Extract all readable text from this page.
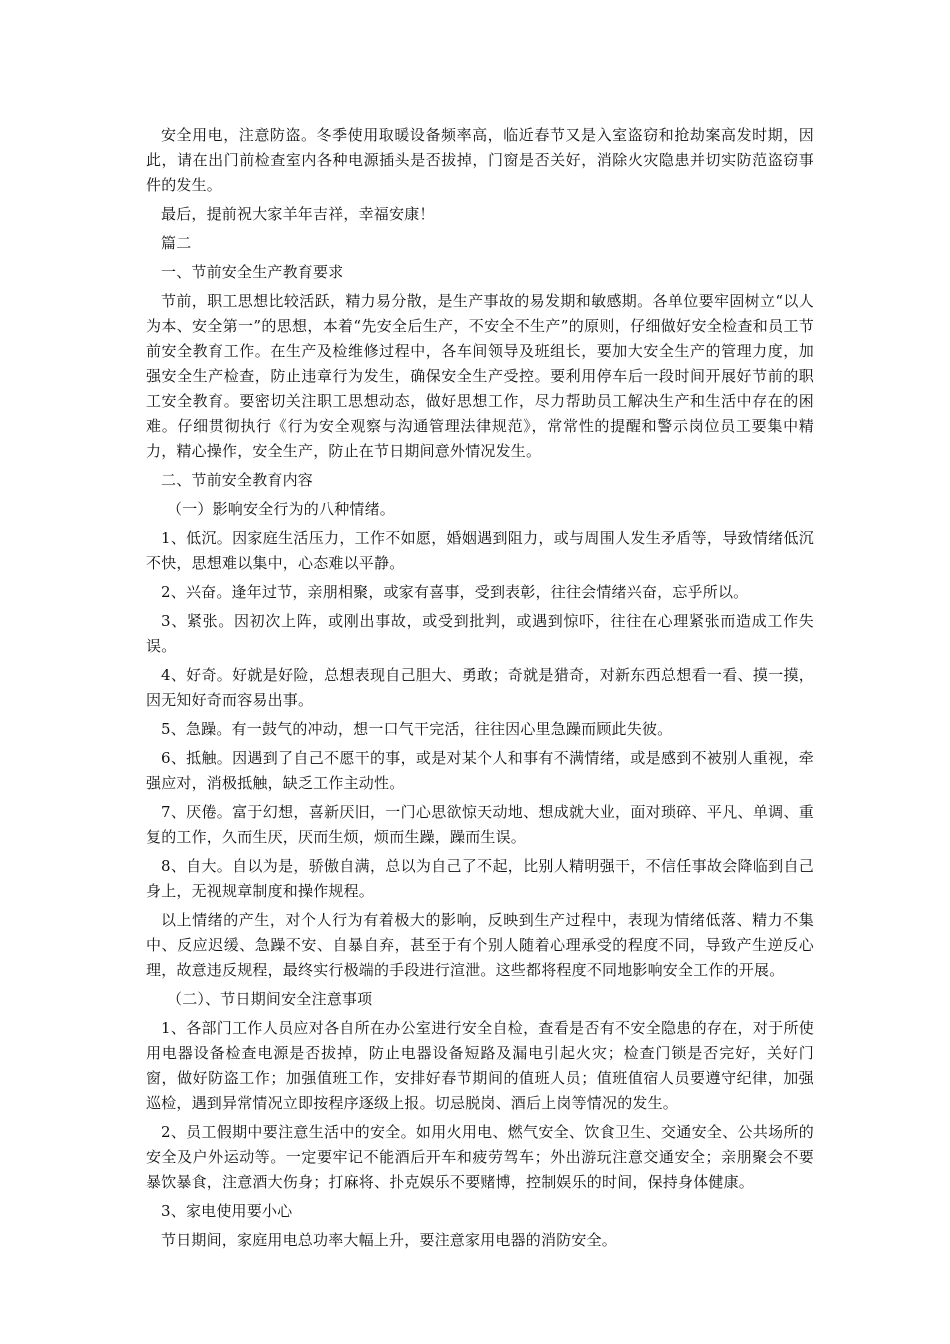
安全用电，注意防盗。冬季使用取暖设备频率高，临近春节又是入室盗窃和抢劫案高发时期，因此，请在出门前检查室内各种电源插头是否拔掉，门窗是否关好，消除火灾隐患并切实防范盗窃事件的发生。

最后，提前祝大家羊年吉祥，幸福安康！

篇二

一、节前安全生产教育要求

节前，职工思想比较活跃，精力易分散，是生产事故的易发期和敏感期。各单位要牢固树立“以人为本、安全第一”的思想，本着“先安全后生产，不安全不生产”的原则，仔细做好安全检查和员工节前安全教育工作。在生产及检维修过程中，各车间领导及班组长，要加大安全生产的管理力度，加强安全生产检查，防止违章行为发生，确保安全生产受控。要利用停车后一段时间开展好节前的职工安全教育。要密切关注职工思想动态，做好思想工作，尽力帮助员工解决生产和生活中存在的困难。仔细贯彻执行《行为安全观察与沟通管理法律规范》，常常性的提醒和警示岗位员工要集中精力，精心操作，安全生产，防止在节日期间意外情况发生。

二、节前安全教育内容

（一）影响安全行为的八种情绪。

1、低沉。因家庭生活压力，工作不如愿，婚姻遇到阻力，或与周围人发生矛盾等，导致情绪低沉不快，思想难以集中，心态难以平静。

2、兴奋。逢年过节，亲朋相聚，或家有喜事，受到表彰，往往会情绪兴奋，忘乎所以。

3、紧张。因初次上阵，或刚出事故，或受到批判，或遇到惊吓，往往在心理紧张而造成工作失误。

4、好奇。好就是好险，总想表现自己胆大、勇敢；奇就是猎奇，对新东西总想看一看、摸一摸，因无知好奇而容易出事。

5、急躁。有一鼓气的冲动，想一口气干完活，往往因心里急躁而顾此失彼。

6、抵触。因遇到了自己不愿干的事，或是对某个人和事有不满情绪，或是感到不被别人重视，牵强应对，消极抵触，缺乏工作主动性。

7、厌倦。富于幻想，喜新厌旧，一门心思欲惊天动地、想成就大业，面对琐碎、平凡、单调、重复的工作，久而生厌，厌而生烦，烦而生躁，躁而生误。

8、自大。自以为是，骄傲自满，总以为自己了不起，比别人精明强干，不信任事故会降临到自己身上，无视规章制度和操作规程。

以上情绪的产生，对个人行为有着极大的影响，反映到生产过程中，表现为情绪低落、精力不集中、反应迟缓、急躁不安、自暴自弃，甚至于有个别人随着心理承受的程度不同，导致产生逆反心理，故意违反规程，最终实行极端的手段进行渲泄。这些都将程度不同地影响安全工作的开展。

（二）、节日期间安全注意事项

1、各部门工作人员应对各自所在办公室进行安全自检，查看是否有不安全隐患的存在，对于所使用电器设备检查电源是否拔掉，防止电器设备短路及漏电引起火灾；检查门锁是否完好，关好门窗，做好防盗工作；加强值班工作，安排好春节期间的值班人员；值班值宿人员要遵守纪律，加强巡检，遇到异常情况立即按程序逐级上报。切忌脱岗、酒后上岗等情况的发生。

2、员工假期中要注意生活中的安全。如用火用电、燃气安全、饮食卫生、交通安全、公共场所的安全及户外运动等。一定要牢记不能酒后开车和疲劳驾车；外出游玩注意交通安全；亲朋聚会不要暴饮暴食，注意酒大伤身；打麻将、扑克娱乐不要赌博，控制娱乐的时间，保持身体健康。

3、家电使用要小心

节日期间，家庭用电总功率大幅上升，要注意家用电器的消防安全。
